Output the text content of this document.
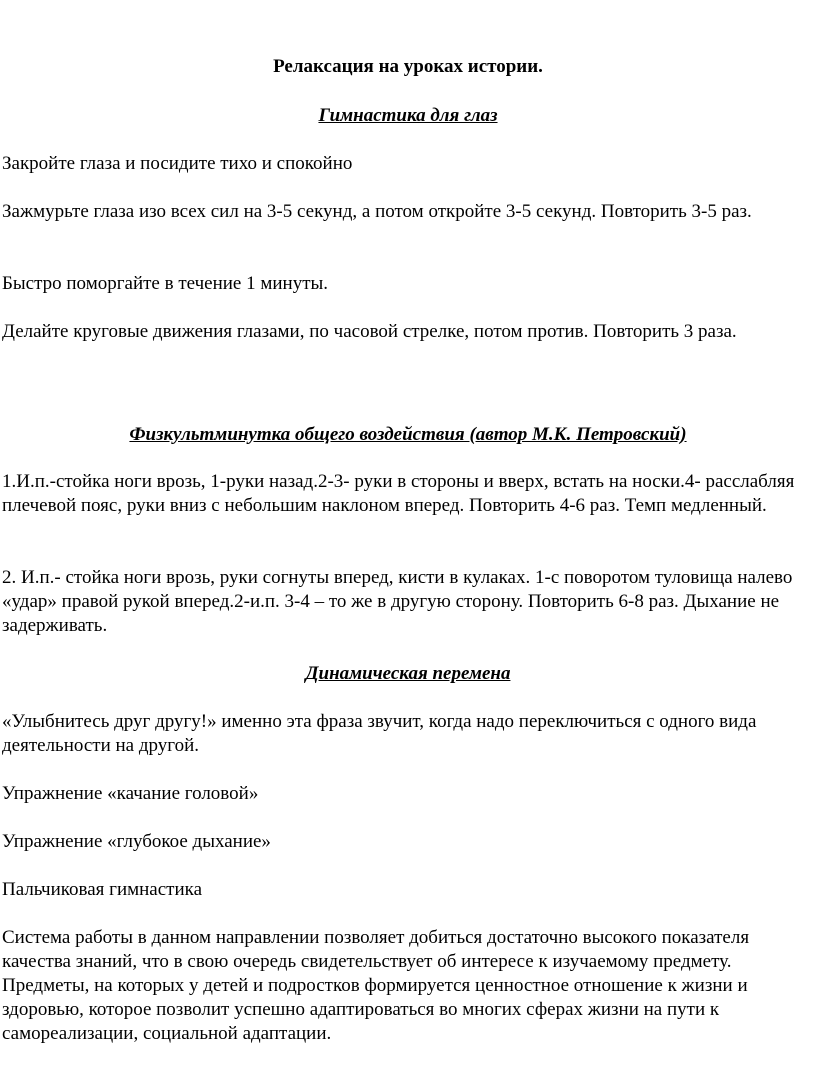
Релаксация на уроках истории.
Гимнастика для глаз

Закройте глаза и посидите тихо и спокойно

Зажмурьте глаза изо всех сил на 3-5 секунд, а потом откройте 3-5 секунд. Повторить 3-5 раз.

Быстро поморгайте в течение 1 минуты.

Делайте круговые движения глазами, по часовой стрелке, потом против. Повторить 3 раза.

Физкультминутка общего воздействия (автор М.К. Петровский)

1.И.п.-стойка ноги врозь, 1-руки назад.2-3- руки в стороны и вверх, встать на носки.4- расслабляя плечевой пояс, руки вниз с небольшим наклоном вперед. Повторить 4-6 раз. Темп медленный.

2. И.п.- стойка ноги врозь, руки согнуты вперед, кисти в кулаках. 1-с поворотом туловища налево «удар» правой рукой вперед.2-и.п. 3-4 – то же в другую сторону. Повторить 6-8 раз. Дыхание не задерживать.

Динамическая перемена

«Улыбнитесь друг другу!» именно эта фраза звучит, когда надо переключиться с одного вида деятельности на другой.

Упражнение «качание головой»

Упражнение «глубокое дыхание»

Пальчиковая гимнастика

Система работы в данном направлении позволяет добиться достаточно высокого показателя качества знаний, что в свою очередь свидетельствует об интересе к изучаемому предмету. Предметы, на которых у детей и подростков формируется ценностное отношение к жизни и здоровью, которое позволит успешно адаптироваться во многих сферах жизни на пути к самореализации, социальной адаптации.
